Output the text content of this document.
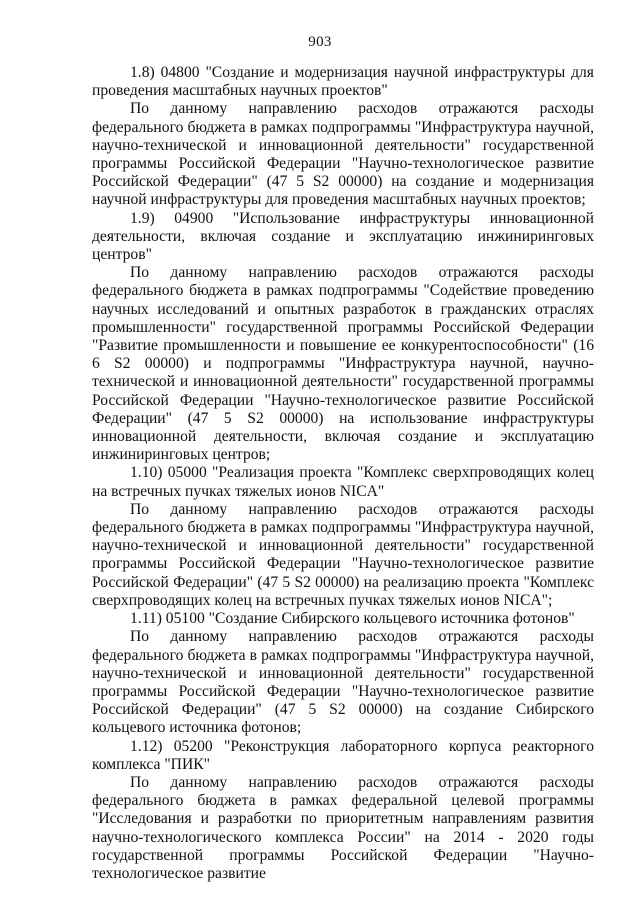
903

1.8) 04800 "Создание и модернизация научной инфраструктуры для проведения масштабных научных проектов"

По данному направлению расходов отражаются расходы федерального бюджета в рамках подпрограммы "Инфраструктура научной, научно-технической и инновационной деятельности" государственной программы Российской Федерации "Научно-технологическое развитие Российской Федерации" (47 5 S2 00000) на создание и модернизация научной инфраструктуры для проведения масштабных научных проектов;

1.9) 04900 "Использование инфраструктуры инновационной деятельности, включая создание и эксплуатацию инжиниринговых центров"

По данному направлению расходов отражаются расходы федерального бюджета в рамках подпрограммы "Содействие проведению научных исследований и опытных разработок в гражданских отраслях промышленности" государственной программы Российской Федерации "Развитие промышленности и повышение ее конкурентоспособности" (16 6 S2 00000) и подпрограммы "Инфраструктура научной, научно-технической и инновационной деятельности" государственной программы Российской Федерации "Научно-технологическое развитие Российской Федерации" (47 5 S2 00000) на использование инфраструктуры инновационной деятельности, включая создание и эксплуатацию инжиниринговых центров;

1.10) 05000 "Реализация проекта "Комплекс сверхпроводящих колец на встречных пучках тяжелых ионов NICA"

По данному направлению расходов отражаются расходы федерального бюджета в рамках подпрограммы "Инфраструктура научной, научно-технической и инновационной деятельности" государственной программы Российской Федерации "Научно-технологическое развитие Российской Федерации" (47 5 S2 00000) на реализацию проекта "Комплекс сверхпроводящих колец на встречных пучках тяжелых ионов NICA";

1.11) 05100 "Создание Сибирского кольцевого источника фотонов"

По данному направлению расходов отражаются расходы федерального бюджета в рамках подпрограммы "Инфраструктура научной, научно-технической и инновационной деятельности" государственной программы Российской Федерации "Научно-технологическое развитие Российской Федерации" (47 5 S2 00000) на создание Сибирского кольцевого источника фотонов;

1.12) 05200 "Реконструкция лабораторного корпуса реакторного комплекса "ПИК"

По данному направлению расходов отражаются расходы федерального бюджета в рамках федеральной целевой программы "Исследования и разработки по приоритетным направлениям развития научно-технологического комплекса России" на 2014 - 2020 годы государственной программы Российской Федерации "Научно-технологическое развитие
